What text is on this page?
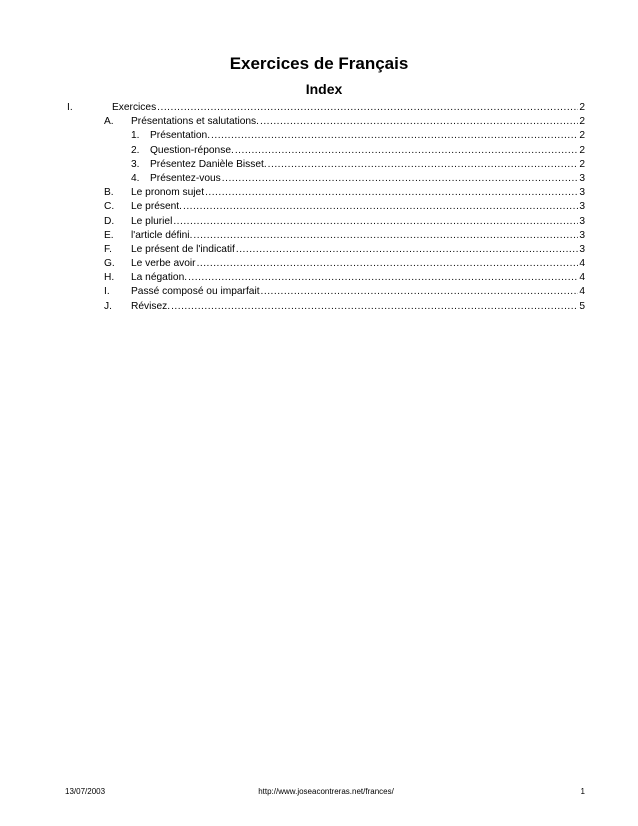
Exercices de Français
Index
I.	Exercices .....	2
A. Présentations et salutations. .....	2
1. Présentation. .....	2
2. Question-réponse. .....	2
3. Présentez Danièle Bisset. .....	2
4. Présentez-vous .....	3
B. Le pronom sujet .....	3
C. Le présent. .....	3
D. Le pluriel .....	3
E. l'article défini. .....	3
F. Le présent de l'indicatif .....	3
G. Le verbe avoir .....	4
H. La négation. .....	4
I. Passé composé ou imparfait .....	4
J. Révisez. .....	5
13/07/2003	http://www.joseacontreras.net/frances/	1
